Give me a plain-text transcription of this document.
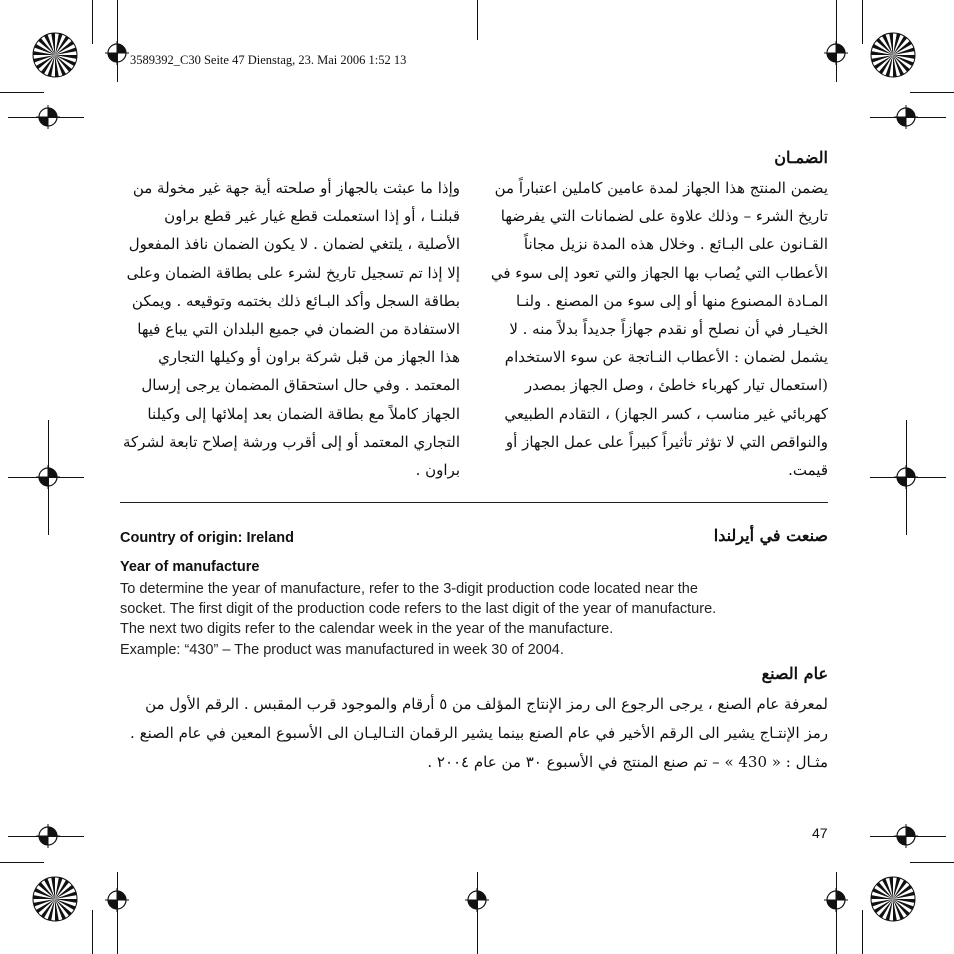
3589392_C30 Seite 47 Dienstag, 23. Mai 2006 1:52 13
الضمـان

يضمن المنتج هذا الجهاز لمدة عامين كاملين اعتباراً من تاريخ الشرء – وذلك علاوة على لضمانات التي يفرضها القـانون على البـائع . وخلال هذه المدة نزيل مجاناً الأعطاب التي يُصاب بها الجهاز والتي تعود إلى سوء في المـادة المصنوع منها أو إلى سوء من المصنع . ولنـا الخيـار في أن نصلح أو نقدم جهازاً جديداً بدلاً منه . لا يشمل لضمان : الأعطاب النـاتجة عن سوء الاستخدام (استعمال تيار كهرباء خاطئ ، وصل الجهاز بمصدر كهربائي غير مناسب ، كسر الجهاز) ، التقادم الطبيعي والنواقص التي لا تؤثر تأثيراً كبيراً على عمل الجهاز أو قيمت.

وإذا ما عبثت بالجهاز أو صلحته أية جهة غير مخولة من قبلنـا ، أو إذا استعملت قطع غيار غير قطع براون الأصلية ، يلتغي لضمان . لا يكون الضمان نافذ المفعول إلا إذا تم تسجيل تاريخ لشرء على بطاقة الضمان وعلى بطاقة السجل وأكد البـائع ذلك بختمه وتوقيعه . ويمكن الاستفادة من الضمان في جميع البلدان التي يباع فيها هذا الجهاز من قبل شركة براون أو وكيلها التجاري المعتمد . وفي حال استحقاق المضمان يرجى إرسال الجهاز كاملاً مع بطاقة الضمان بعد إملائها إلى وكيلنا التجاري المعتمد أو إلى أقرب ورشة إصلاح تابعة لشركة براون .

Country of origin: Ireland	صنعت في أيرلندا
Year of manufacture

To determine the year of manufacture, refer to the 3-digit production code located near the

socket. The first digit of the production code refers to the last digit of the year of manufacture.

The next two digits refer to the calendar week in the year of the manufacture.

Example: “430” – The product was manufactured in week 30 of 2004.

عام الصنع
لمعرفة عام الصنع ، يرجى الرجوع الى رمز الإنتاج المؤلف من ٥ أرقام والموجود قرب المقبس . الرقم الأول من رمز الإنتـاج يشير الى الرقم الأخير في عام الصنع بينما يشير الرقمان التـاليـان الى الأسبوع المعين في عام الصنع . مثـال : « 430 » – تم صنع المنتج في الأسبوع ٣٠ من عام ٢٠٠٤ .
47
